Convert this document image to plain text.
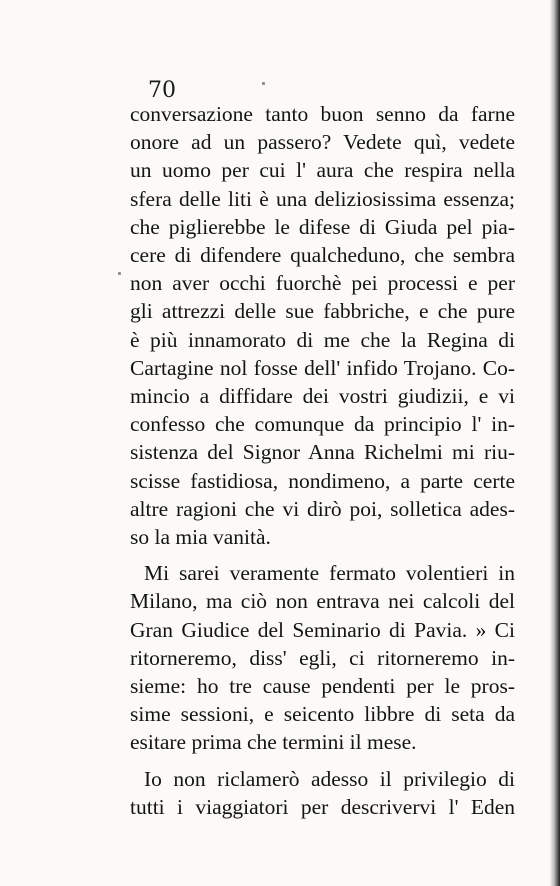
70
conversazione tanto buon senno da farne
onore ad un passero? Vedete quì, vedete
un uomo per cui l' aura che respira nella
sfera delle liti è una deliziosissima essenza;
che piglierebbe le difese di Giuda pel pia-
cere di difendere qualcheduno, che sembra
non aver occhi fuorchè pei processi e per
gli attrezzi delle sue fabbriche, e che pure
è più innamorato di me che la Regina di
Cartagine nol fosse dell' infido Trojano. Co-
mincio a diffidare dei vostri giudizii, e vi
confesso che comunque da principio l' in-
sistenza del Signor Anna Richelmi mi riu-
scisse fastidiosa, nondimeno, a parte certe
altre ragioni che vi dirò poi, solletica ades-
so la mia vanità.
Mi sarei veramente fermato volentieri in
Milano, ma ciò non entrava nei calcoli del
Gran Giudice del Seminario di Pavia. » Ci
ritorneremo, diss' egli, ci ritorneremo in-
sieme: ho tre cause pendenti per le pros-
sime sessioni, e seicento libbre di seta da
esitare prima che termini il mese.
Io non riclamerò adesso il privilegio di
tutti i viaggiatori per descrivervi l' Eden
